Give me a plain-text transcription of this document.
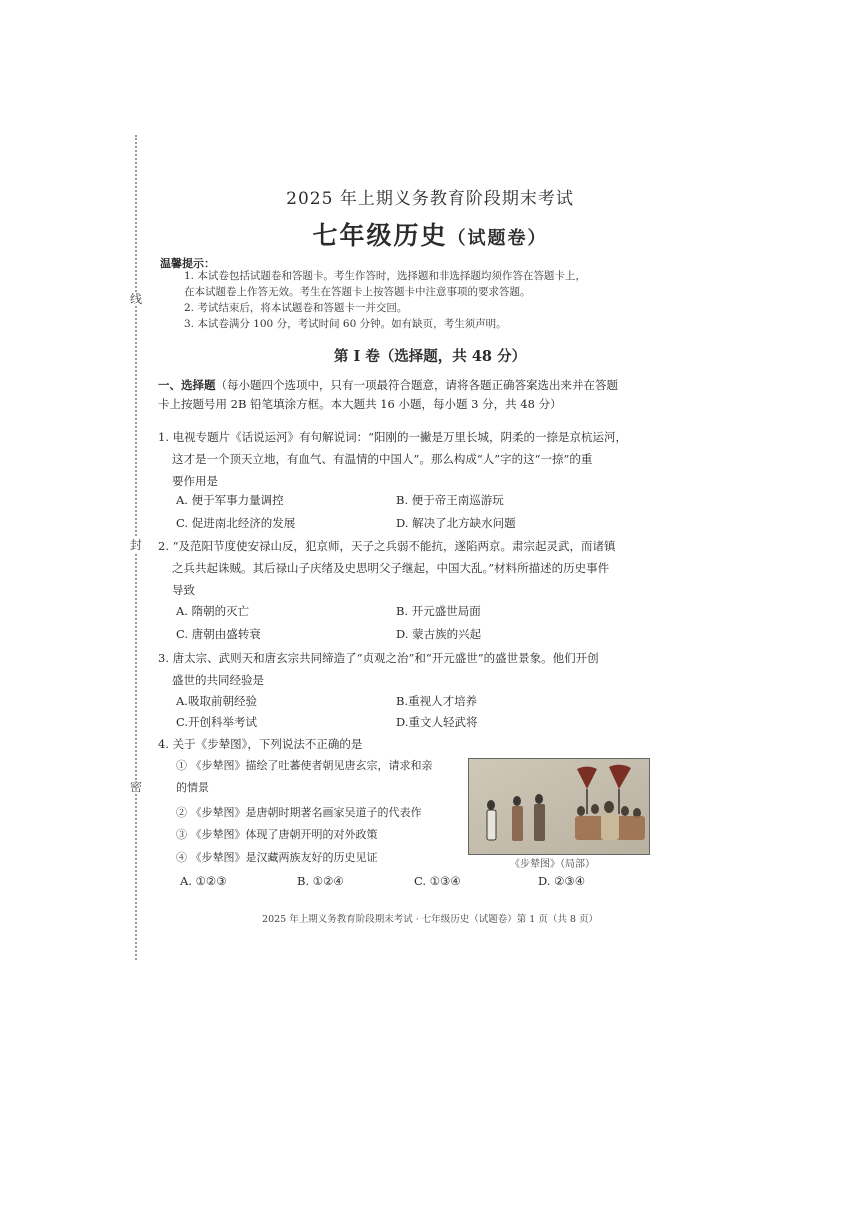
线
封
密
2025 年上期义务教育阶段期末考试
七年级历史（试题卷）
温馨提示：
1. 本试卷包括试题卷和答题卡。考生作答时，选择题和非选择题均须作答在答题卡上，
在本试题卷上作答无效。考生在答题卡上按答题卡中注意事项的要求答题。
2. 考试结束后，将本试题卷和答题卡一并交回。
3. 本试卷满分 100 分，考试时间 60 分钟。如有缺页，考生须声明。
第 I 卷（选择题，共 48 分）
一、选择题（每小题四个选项中，只有一项最符合题意，请将各题正确答案选出来并在答题
卡上按题号用 2B 铅笔填涂方框。本大题共 16 小题，每小题 3 分，共 48 分）
1. 电视专题片《话说运河》有句解说词：“阳刚的一撇是万里长城，阴柔的一捺是京杭运河，
这才是一个顶天立地，有血气、有温情的中国人”。那么构成“人”字的这“一捺”的重
要作用是
A. 便于军事力量调控	B. 便于帝王南巡游玩
C. 促进南北经济的发展	D. 解决了北方缺水问题
2. “及范阳节度使安禄山反，犯京师，天子之兵弱不能抗，遂陷两京。肃宗起灵武，而诸镇
之兵共起诛贼。其后禄山子庆绪及史思明父子继起，中国大乱。”材料所描述的历史事件
导致
A. 隋朝的灭亡	B. 开元盛世局面
C. 唐朝由盛转衰	D. 蒙古族的兴起
3. 唐太宗、武则天和唐玄宗共同缔造了“贞观之治”和“开元盛世”的盛世景象。他们开创
盛世的共同经验是
A.吸取前朝经验	B.重视人才培养
C.开创科举考试	D.重文人轻武将
4. 关于《步辇图》，下列说法不正确的是
① 《步辇图》描绘了吐蕃使者朝见唐玄宗，请求和亲
的情景
② 《步辇图》是唐朝时期著名画家吴道子的代表作
③ 《步辇图》体现了唐朝开明的对外政策
④ 《步辇图》是汉藏两族友好的历史见证
《步辇图》（局部）
A. ①②③	B. ①②④	C. ①③④	D. ②③④
2025 年上期义务教育阶段期末考试 · 七年级历史（试题卷）第 1 页（共 8 页）
